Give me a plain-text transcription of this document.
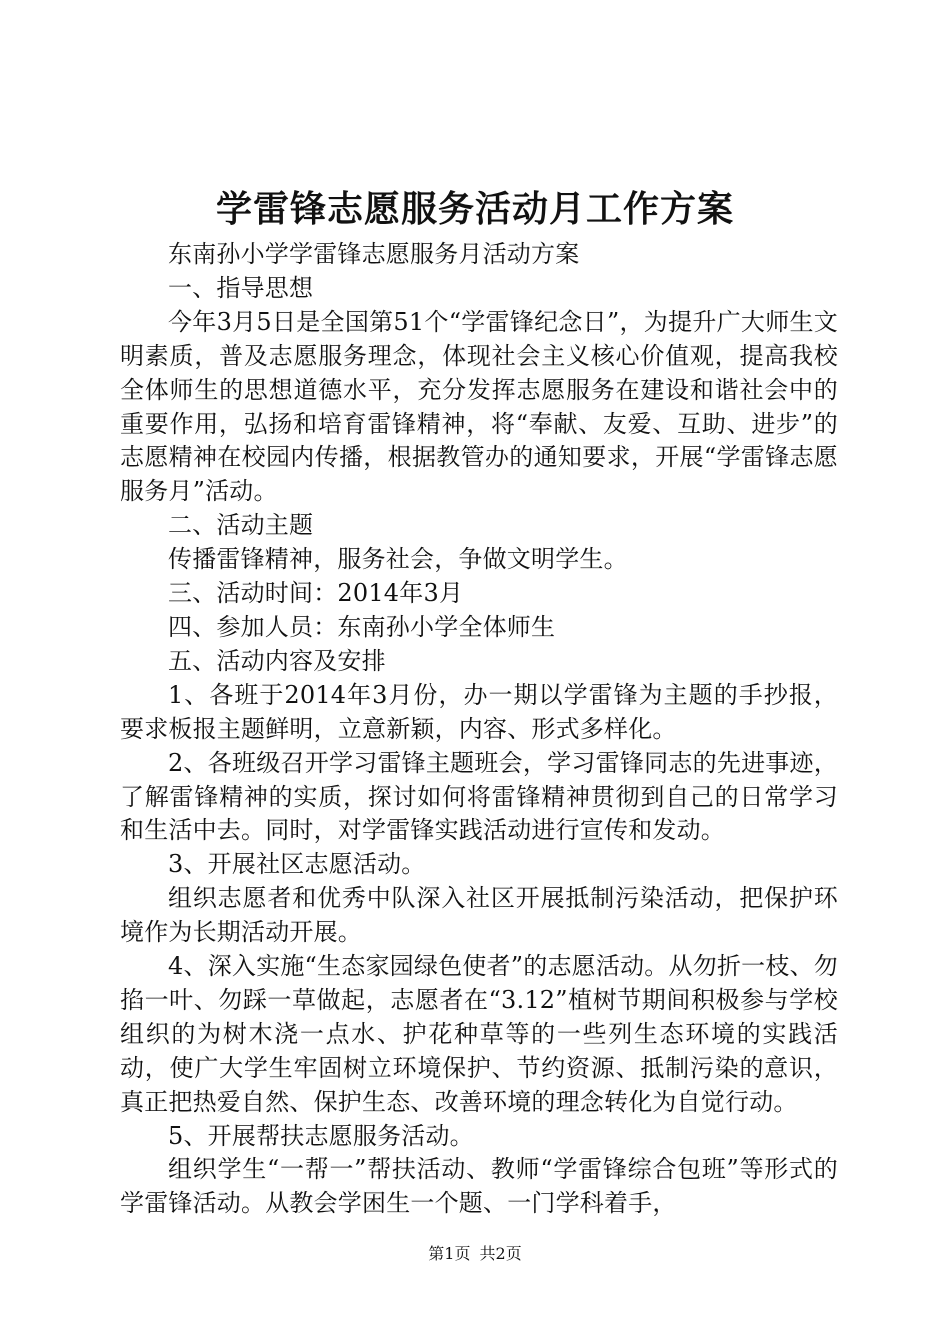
学雷锋志愿服务活动月工作方案

东南孙小学学雷锋志愿服务月活动方案

一、指导思想

今年3月5日是全国第51个“学雷锋纪念日”，为提升广大师生文明素质，普及志愿服务理念，体现社会主义核心价值观，提高我校全体师生的思想道德水平，充分发挥志愿服务在建设和谐社会中的重要作用，弘扬和培育雷锋精神，将“奉献、友爱、互助、进步”的志愿精神在校园内传播，根据教管办的通知要求，开展“学雷锋志愿服务月”活动。

二、活动主题

传播雷锋精神，服务社会，争做文明学生。

三、活动时间：2014年3月

四、参加人员：东南孙小学全体师生

五、活动内容及安排

1、各班于2014年3月份，办一期以学雷锋为主题的手抄报，要求板报主题鲜明，立意新颖，内容、形式多样化。

2、各班级召开学习雷锋主题班会，学习雷锋同志的先进事迹，了解雷锋精神的实质，探讨如何将雷锋精神贯彻到自己的日常学习和生活中去。同时，对学雷锋实践活动进行宣传和发动。

3、开展社区志愿活动。

组织志愿者和优秀中队深入社区开展抵制污染活动，把保护环境作为长期活动开展。

4、深入实施“生态家园绿色使者”的志愿活动。从勿折一枝、勿掐一叶、勿踩一草做起，志愿者在“3.12”植树节期间积极参与学校组织的为树木浇一点水、护花种草等的一些列生态环境的实践活动，使广大学生牢固树立环境保护、节约资源、抵制污染的意识，真正把热爱自然、保护生态、改善环境的理念转化为自觉行动。

5、开展帮扶志愿服务活动。

组织学生“一帮一”帮扶活动、教师“学雷锋综合包班”等形式的学雷锋活动。从教会学困生一个题、一门学科着手，

第1页 共2页
